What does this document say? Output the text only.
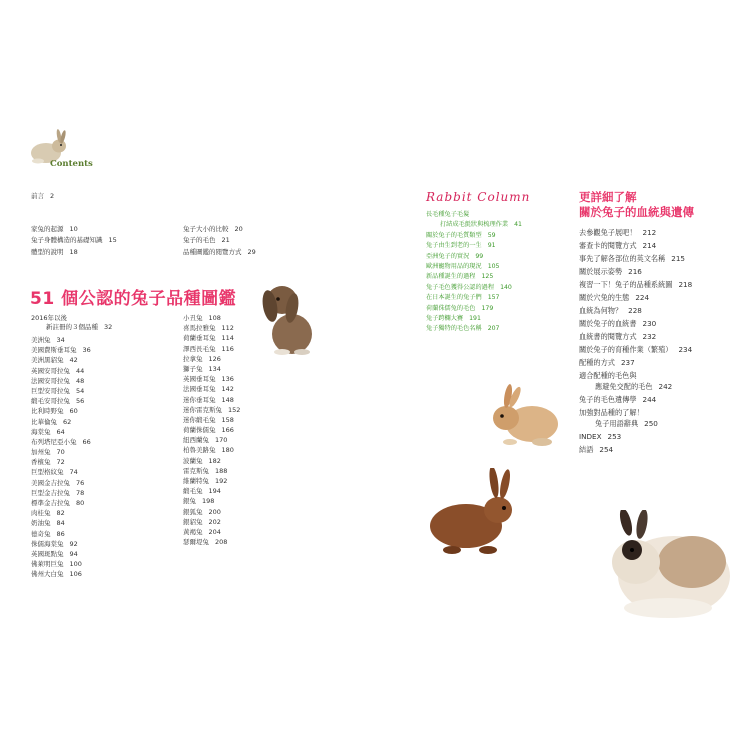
Contents
前言 2
家兔的起源 10
兔子身體構造的基礎知識 15
體型的說明 18
兔子大小的比較 20
兔子的毛色 21
品種圖鑑的閱覽方式 29
51 個公認的兔子品種圖鑑
2016年以後
新註冊的３個品種 32
美洲兔 34
美國費斯垂耳兔 36
美洲黑貂兔 42
英國安哥拉兔 44
法國安哥拉兔 48
巨型安哥拉兔 54
緞毛安哥拉兔 56
比利時野兔 60
比華倫兔 62
海棠兔 64
布列塔尼亞小兔 66
加州兔 70
香檳兔 72
巨型格紋兔 74
美國金吉拉兔 76
巨型金吉拉兔 78
標準金吉拉兔 80
肉桂兔 82
奶油兔 84
德奇兔 86
侏儒海棠兔 92
英國斑點兔 94
佛萊明巨兔 100
佛州大白兔 106
小丑兔 108
喜馬拉雅兔 112
荷蘭垂耳兔 114
澤西長毛兔 116
拉拿兔 126
獅子兔 134
英國垂耳兔 136
法國垂耳兔 142
迷你垂耳兔 148
迷你雷克斯兔 152
迷你緞毛兔 158
荷蘭侏儒兔 166
紐西蘭兔 170
柏魯美路兔 180
波蘭兔 182
雷克斯兔 188
維蘭特兔 192
緞毛兔 194
銀兔 198
銀狐兔 200
銀貂兔 202
黃褐兔 204
瑟爾堤兔 208
Rabbit Column
長毛種兔子毛髮
打結成毛氈狀與梳理作業 41
關於兔子的毛質類型 59
兔子由生到老的一生 91
亞洲兔子的實況 99
歐洲寵物用品的現況 105
新品種誕生的過程 125
兔子毛色獲得公認的過程 140
在日本誕生的兔子們 157
荷蘭侏儒兔的毛色 179
兔子跨欄大賽 191
兔子獨特的毛色名稱 207
更詳細了解
關於兔子的血統與遺傳
去參觀兔子展吧！ 212
審查卡的閱覽方式 214
事先了解各部位的英文名稱 215
關於展示姿勢 216
複習一下！兔子的品種系統圖 218
關於穴兔的生態 224
血統為何物？ 228
關於兔子的血統書 230
血統書的閱覽方式 232
關於兔子的育種作業（繁殖） 234
配種的方式 237
適合配種的毛色與
應避免交配的毛色 242
兔子的毛色遺傳學 244
加強對品種的了解！
兔子用語辭典 250
INDEX 253
結語 254
